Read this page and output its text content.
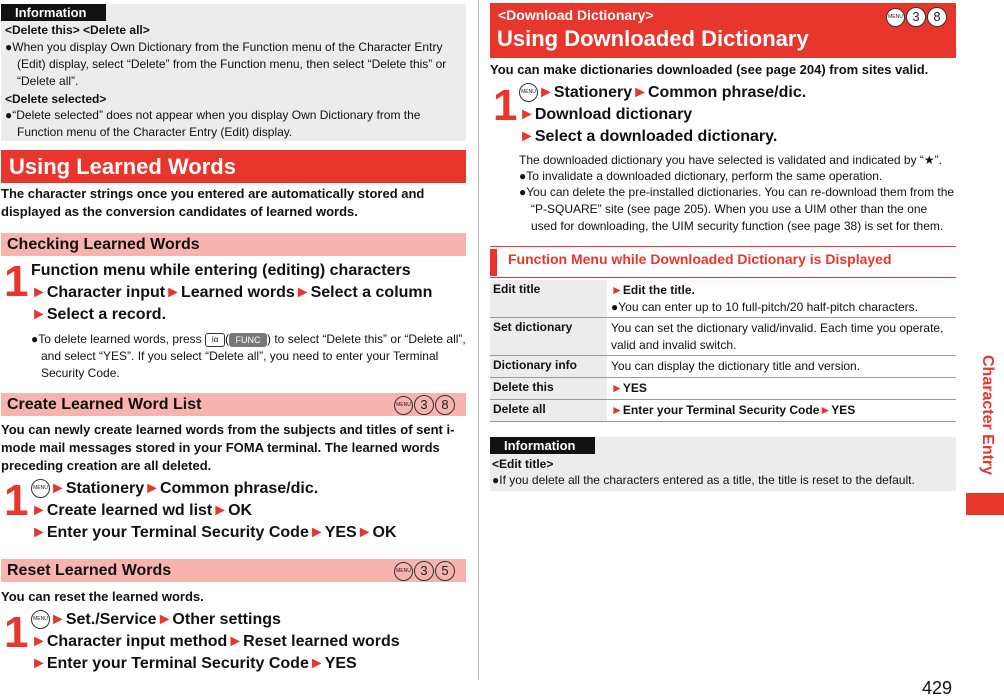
Information
<Delete this> <Delete all>
●When you display Own Dictionary from the Function menu of the Character Entry (Edit) display, select “Delete” from the Function menu, then select “Delete this” or “Delete all”.
<Delete selected>
●“Delete selected” does not appear when you display Own Dictionary from the Function menu of the Character Entry (Edit) display.
Using Learned Words
The character strings once you entered are automatically stored and displayed as the conversion candidates of learned words.
Checking Learned Words
1 Function menu while entering (editing) characters
►Character input►Learned words►Select a column
►Select a record.
●To delete learned words, press iα ( FUNC ) to select “Delete this” or “Delete all”, and select “YES”. If you select “Delete all”, you need to enter your Terminal Security Code.
Create Learned Word List	MENU 3 8
You can newly create learned words from the subjects and titles of sent i-mode mail messages stored in your FOMA terminal. The learned words preceding creation are all deleted.
1 MENU ►Stationery►Common phrase/dic.
►Create learned wd list►OK
►Enter your Terminal Security Code►YES►OK
Reset Learned Words	MENU 3 5
You can reset the learned words.
1 MENU ►Set./Service►Other settings
►Character input method►Reset learned words
►Enter your Terminal Security Code►YES
<Download Dictionary>
Using Downloaded Dictionary
MENU 3 8
You can make dictionaries downloaded (see page 204) from sites valid.
1 MENU ►Stationery►Common phrase/dic.
►Download dictionary
►Select a downloaded dictionary.
The downloaded dictionary you have selected is validated and indicated by “★”.
●To invalidate a downloaded dictionary, perform the same operation.
●You can delete the pre-installed dictionaries. You can re-download them from the “P-SQUARE” site (see page 205). When you use a UIM other than the one used for downloading, the UIM security function (see page 38) is set for them.
Function Menu while Downloaded Dictionary is Displayed
Edit title	►Edit the title.
●You can enter up to 10 full-pitch/20 half-pitch characters.
Set dictionary	You can set the dictionary valid/invalid. Each time you operate, valid and invalid switch.
Dictionary info	You can display the dictionary title and version.
Delete this	►YES
Delete all	►Enter your Terminal Security Code►YES
Information
<Edit title>
●If you delete all the characters entered as a title, the title is reset to the default.
Character Entry
429
